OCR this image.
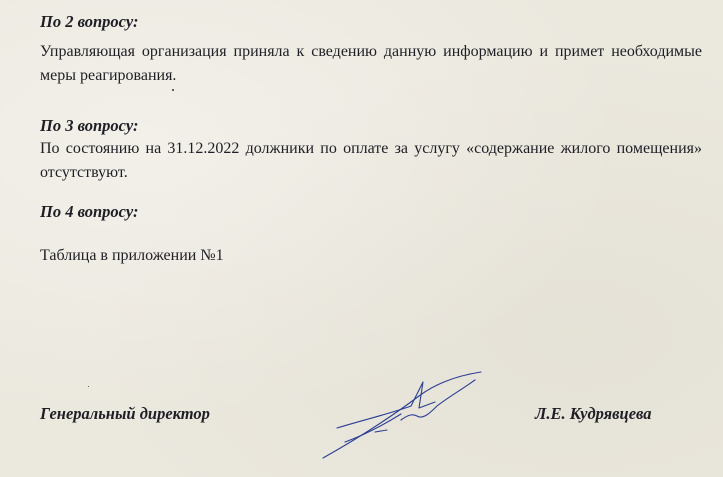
По 2 вопросу:

Управляющая организация приняла к сведению данную информацию и примет необходимые меры реагирования.

По 3 вопросу:

По состоянию на 31.12.2022 должники по оплате за услугу «содержание жилого помещения» отсутствуют.

По 4 вопросу:

Таблица в приложении №1

Генеральный директор	Л.Е. Кудрявцева
